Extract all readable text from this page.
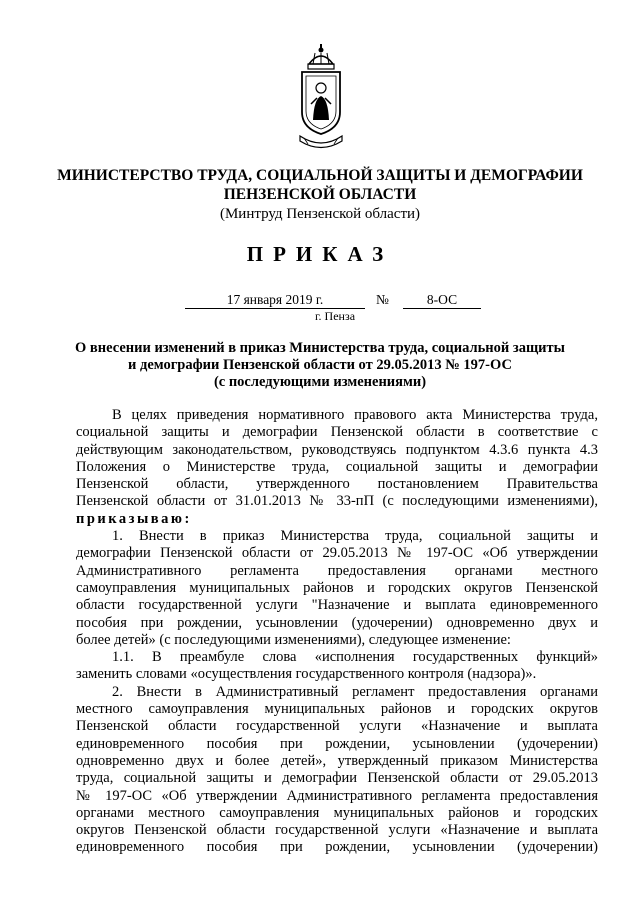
МИНИСТЕРСТВО ТРУДА, СОЦИАЛЬНОЙ ЗАЩИТЫ И ДЕМОГРАФИИ
ПЕНЗЕНСКОЙ ОБЛАСТИ
(Минтруд Пензенской области)
ПРИКАЗ
17 января 2019 г.	№	8-ОС
г. Пенза
О внесении изменений в приказ Министерства труда, социальной защиты
и демографии Пензенской области от 29.05.2013 № 197-ОС
(с последующими изменениями)

В целях приведения нормативного правового акта Министерства труда,

социальной защиты и демографии Пензенской области в соответствие с

действующим законодательством, руководствуясь подпунктом 4.3.6 пункта 4.3

Положения о Министерстве труда, социальной защиты и демографии

Пензенской области, утвержденного постановлением Правительства

Пензенской области от 31.01.2013 № 33-пП (с последующими изменениями),

приказываю:

1. Внести в приказ Министерства труда, социальной защиты и

демографии Пензенской области от 29.05.2013 № 197-ОС «Об утверждении

Административного регламента предоставления органами местного

самоуправления муниципальных районов и городских округов Пензенской

области государственной услуги "Назначение и выплата единовременного

пособия при рождении, усыновлении (удочерении) одновременно двух и

более детей» (с последующими изменениями), следующее изменение:

1.1. В преамбуле слова «исполнения государственных функций»

заменить словами «осуществления государственного контроля (надзора)».

2. Внести в Административный регламент предоставления органами

местного самоуправления муниципальных районов и городских округов

Пензенской области государственной услуги «Назначение и выплата

единовременного пособия при рождении, усыновлении (удочерении)

одновременно двух и более детей», утвержденный приказом Министерства

труда, социальной защиты и демографии Пензенской области от 29.05.2013

№ 197-ОС «Об утверждении Административного регламента предоставления

органами местного самоуправления муниципальных районов и городских

округов Пензенской области государственной услуги «Назначение и выплата

единовременного пособия при рождении, усыновлении (удочерении)
